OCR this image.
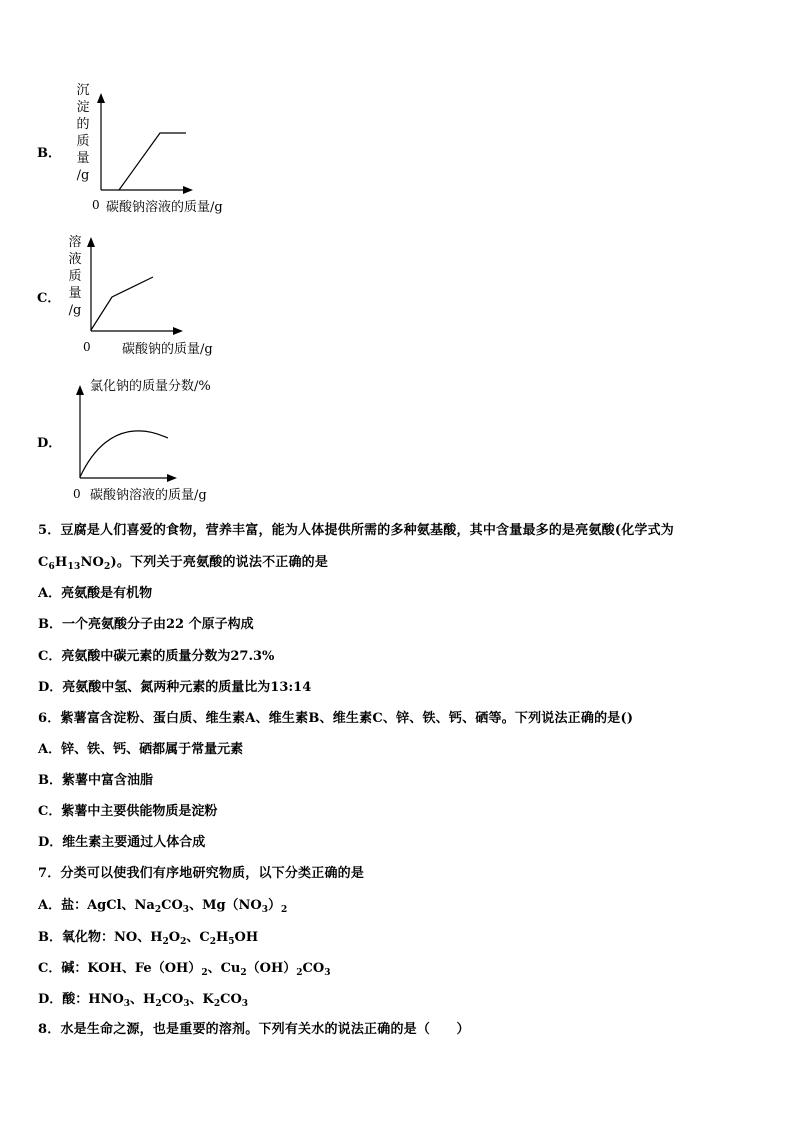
B．
沉
淀
的
质
量
/g
0 碳酸钠溶液的质量/g
C．
溶
液
质
量
/g
0 碳酸钠的质量/g
D．
氯化钠的质量分数/%
0 碳酸钠溶液的质量/g
5．豆腐是人们喜爱的食物，营养丰富，能为人体提供所需的多种氨基酸，其中含量最多的是亮氨酸(化学式为
$C_6H_{13}NO_2$)。下列关于亮氨酸的说法不正确的是
A．亮氨酸是有机物
B．一个亮氨酸分子由22 个原子构成
C．亮氨酸中碳元素的质量分数为27.3%
D．亮氨酸中氢、氮两种元素的质量比为13:14
6．紫薯富含淀粉、蛋白质、维生素A、维生素B、维生素C、锌、铁、钙、硒等。下列说法正确的是()
A．锌、铁、钙、硒都属于常量元素
B．紫薯中富含油脂
C．紫薯中主要供能物质是淀粉
D．维生素主要通过人体合成
7．分类可以使我们有序地研究物质，以下分类正确的是
A．盐：AgCl、$Na_2CO_3$、$Mg(NO_3)_2$
B．氧化物：NO、$H_2O_2$、$C_2H_5OH$
C．碱：KOH、$Fe(OH)_2$、$Cu_2(OH)_2CO_3$
D．酸：$HNO_3$、$H_2CO_3$、$K_2CO_3$
8．水是生命之源，也是重要的溶剂。下列有关水的说法正确的是（　　）
